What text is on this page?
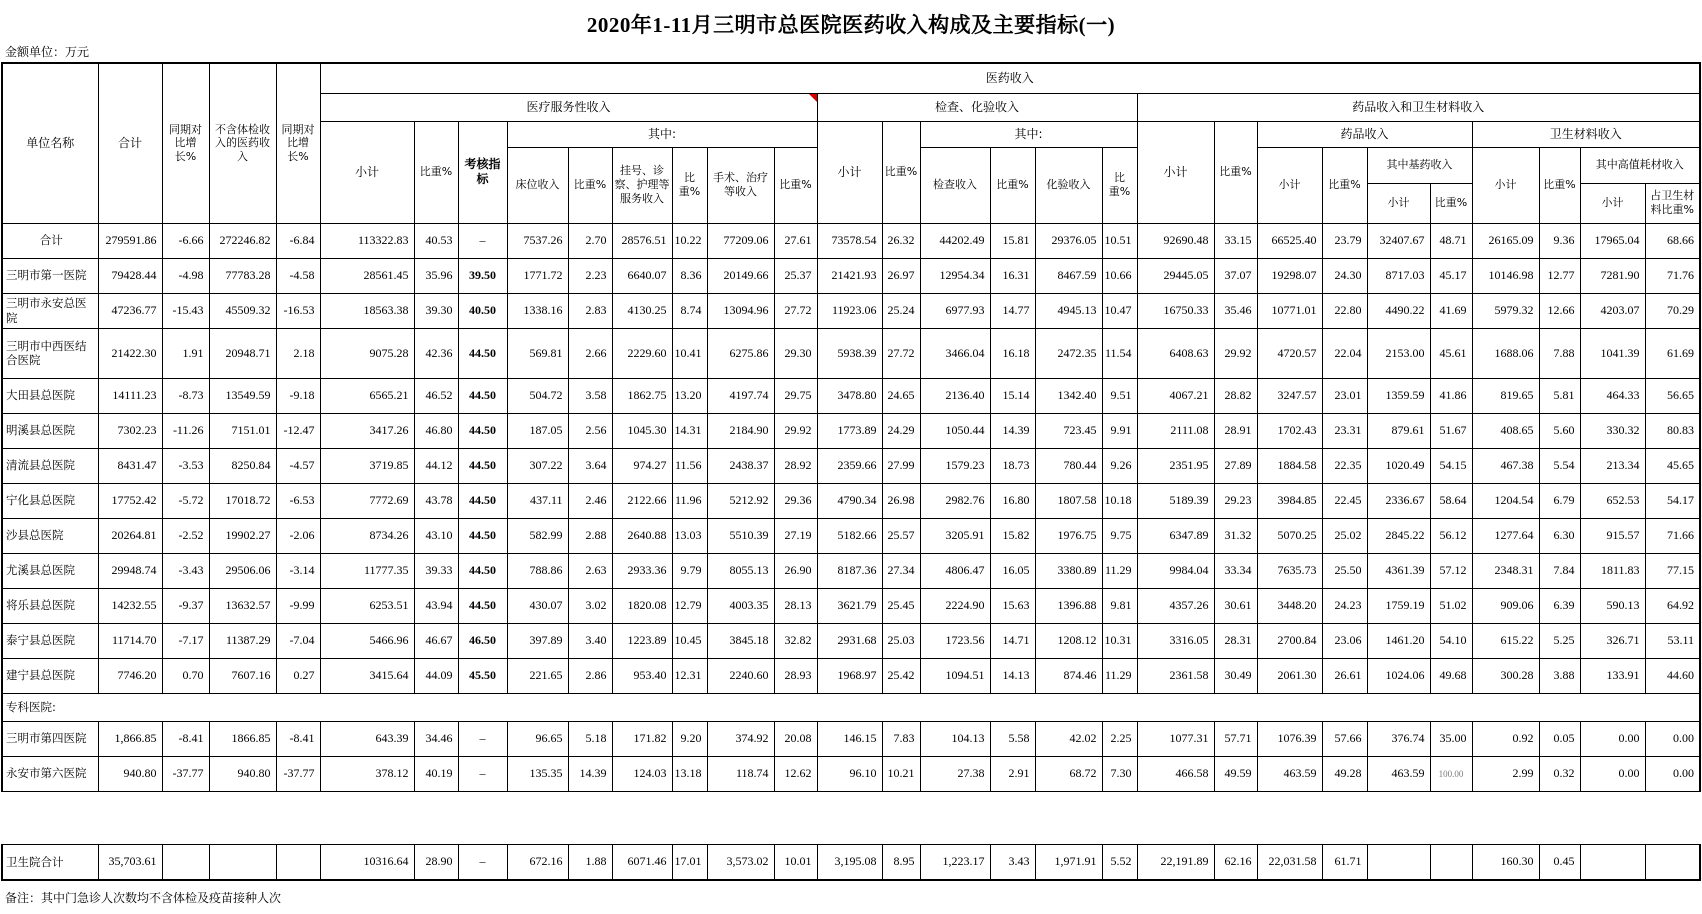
2020年1-11月三明市总医院医药收入构成及主要指标(一)
金额单位：万元
单位名称	合计	同期对比增长%	不含体检收入的医药收入	同期对比增长%	医药收入																								
					医疗服务性收入									检查、化验收入						药品收入和卫生材料收入									
					小计	比重%	考核指标	其中:						小计	比重%	其中:				小计	比重%	药品收入				卫生材料收入			
								床位收入	比重%	挂号、诊察、护理等服务收入	比重%	手术、治疗等收入	比重%			检查收入	比重%	化验收入	比重%			小计	比重%	其中基药收入		小计	比重%	其中高值耗材收入	
																								小计	比重%			小计	占卫生材料比重%
合计	279591.86	-6.66	272246.82	-6.84	113322.83	40.53	–	7537.26	2.70	28576.51	10.22	77209.06	27.61	73578.54	26.32	44202.49	15.81	29376.05	10.51	92690.48	33.15	66525.40	23.79	32407.67	48.71	26165.09	9.36	17965.04	68.66
三明市第一医院	79428.44	-4.98	77783.28	-4.58	28561.45	35.96	39.50	1771.72	2.23	6640.07	8.36	20149.66	25.37	21421.93	26.97	12954.34	16.31	8467.59	10.66	29445.05	37.07	19298.07	24.30	8717.03	45.17	10146.98	12.77	7281.90	71.76
三明市永安总医院	47236.77	-15.43	45509.32	-16.53	18563.38	39.30	40.50	1338.16	2.83	4130.25	8.74	13094.96	27.72	11923.06	25.24	6977.93	14.77	4945.13	10.47	16750.33	35.46	10771.01	22.80	4490.22	41.69	5979.32	12.66	4203.07	70.29
三明市中西医结合医院	21422.30	1.91	20948.71	2.18	9075.28	42.36	44.50	569.81	2.66	2229.60	10.41	6275.86	29.30	5938.39	27.72	3466.04	16.18	2472.35	11.54	6408.63	29.92	4720.57	22.04	2153.00	45.61	1688.06	7.88	1041.39	61.69
大田县总医院	14111.23	-8.73	13549.59	-9.18	6565.21	46.52	44.50	504.72	3.58	1862.75	13.20	4197.74	29.75	3478.80	24.65	2136.40	15.14	1342.40	9.51	4067.21	28.82	3247.57	23.01	1359.59	41.86	819.65	5.81	464.33	56.65
明溪县总医院	7302.23	-11.26	7151.01	-12.47	3417.26	46.80	44.50	187.05	2.56	1045.30	14.31	2184.90	29.92	1773.89	24.29	1050.44	14.39	723.45	9.91	2111.08	28.91	1702.43	23.31	879.61	51.67	408.65	5.60	330.32	80.83
清流县总医院	8431.47	-3.53	8250.84	-4.57	3719.85	44.12	44.50	307.22	3.64	974.27	11.56	2438.37	28.92	2359.66	27.99	1579.23	18.73	780.44	9.26	2351.95	27.89	1884.58	22.35	1020.49	54.15	467.38	5.54	213.34	45.65
宁化县总医院	17752.42	-5.72	17018.72	-6.53	7772.69	43.78	44.50	437.11	2.46	2122.66	11.96	5212.92	29.36	4790.34	26.98	2982.76	16.80	1807.58	10.18	5189.39	29.23	3984.85	22.45	2336.67	58.64	1204.54	6.79	652.53	54.17
沙县总医院	20264.81	-2.52	19902.27	-2.06	8734.26	43.10	44.50	582.99	2.88	2640.88	13.03	5510.39	27.19	5182.66	25.57	3205.91	15.82	1976.75	9.75	6347.89	31.32	5070.25	25.02	2845.22	56.12	1277.64	6.30	915.57	71.66
尤溪县总医院	29948.74	-3.43	29506.06	-3.14	11777.35	39.33	44.50	788.86	2.63	2933.36	9.79	8055.13	26.90	8187.36	27.34	4806.47	16.05	3380.89	11.29	9984.04	33.34	7635.73	25.50	4361.39	57.12	2348.31	7.84	1811.83	77.15
将乐县总医院	14232.55	-9.37	13632.57	-9.99	6253.51	43.94	44.50	430.07	3.02	1820.08	12.79	4003.35	28.13	3621.79	25.45	2224.90	15.63	1396.88	9.81	4357.26	30.61	3448.20	24.23	1759.19	51.02	909.06	6.39	590.13	64.92
泰宁县总医院	11714.70	-7.17	11387.29	-7.04	5466.96	46.67	46.50	397.89	3.40	1223.89	10.45	3845.18	32.82	2931.68	25.03	1723.56	14.71	1208.12	10.31	3316.05	28.31	2700.84	23.06	1461.20	54.10	615.22	5.25	326.71	53.11
建宁县总医院	7746.20	0.70	7607.16	0.27	3415.64	44.09	45.50	221.65	2.86	953.40	12.31	2240.60	28.93	1968.97	25.42	1094.51	14.13	874.46	11.29	2361.58	30.49	2061.30	26.61	1024.06	49.68	300.28	3.88	133.91	44.60
专科医院:																													
三明市第四医院	1,866.85	-8.41	1866.85	-8.41	643.39	34.46	–	96.65	5.18	171.82	9.20	374.92	20.08	146.15	7.83	104.13	5.58	42.02	2.25	1077.31	57.71	1076.39	57.66	376.74	35.00	0.92	0.05	0.00	0.00
永安市第六医院	940.80	-37.77	940.80	-37.77	378.12	40.19	–	135.35	14.39	124.03	13.18	118.74	12.62	96.10	10.21	27.38	2.91	68.72	7.30	466.58	49.59	463.59	49.28	463.59	100.00	2.99	0.32	0.00	0.00
卫生院合计	35,703.61				10316.64	28.90	–	672.16	1.88	6071.46	17.01	3,573.02	10.01	3,195.08	8.95	1,223.17	3.43	1,971.91	5.52	22,191.89	62.16	22,031.58	61.71			160.30	0.45		
备注：其中门急诊人次数均不含体检及疫苗接种人次
